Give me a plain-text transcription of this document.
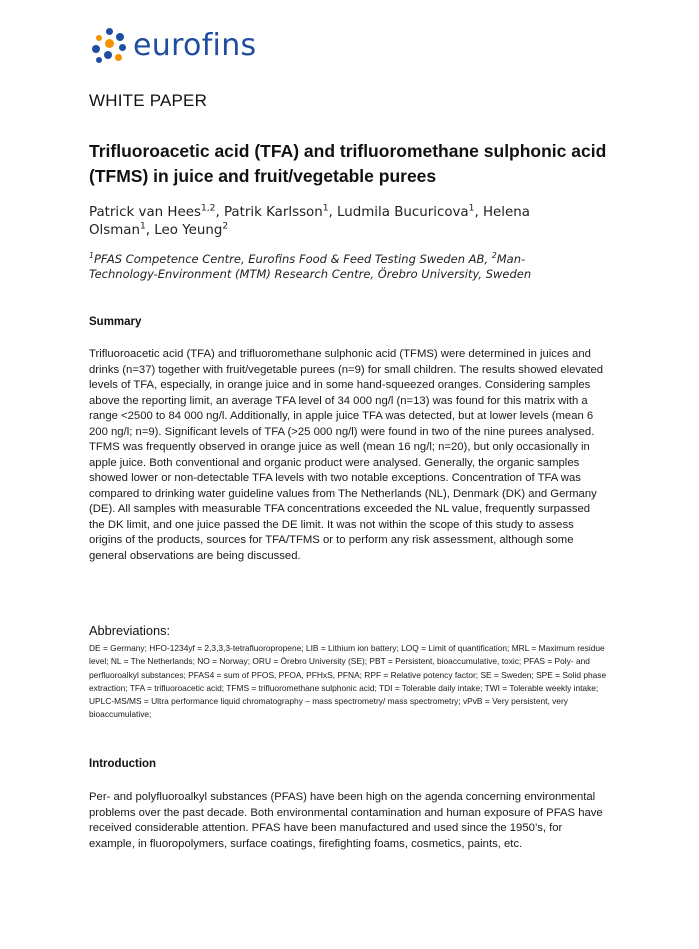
eurofins
WHITE PAPER
Trifluoroacetic acid (TFA) and trifluoromethane sulphonic acid (TFMS) in juice and fruit/vegetable purees
Patrick van Hees$^{1,2}$, Patrik Karlsson$^1$, Ludmila Bucuricova$^1$, Helena Olsman$^1$, Leo Yeung$^2$
$^1$PFAS Competence Centre, Eurofins Food & Feed Testing Sweden AB, $^2$Man-Technology-Environment (MTM) Research Centre, Örebro University, Sweden
Summary

Trifluoroacetic acid (TFA) and trifluoromethane sulphonic acid (TFMS) were determined in juices and drinks (n=37) together with fruit/vegetable purees (n=9) for small children. The results showed elevated levels of TFA, especially, in orange juice and in some hand-squeezed oranges. Considering samples above the reporting limit, an average TFA level of 34 000 ng/l (n=13) was found for this matrix with a range <2500 to 84 000 ng/l. Additionally, in apple juice TFA was detected, but at lower levels (mean 6 200 ng/l; n=9). Significant levels of TFA (>25 000 ng/l) were found in two of the nine purees analysed. TFMS was frequently observed in orange juice as well (mean 16 ng/l; n=20), but only occasionally in apple juice. Both conventional and organic product were analysed. Generally, the organic samples showed lower or non-detectable TFA levels with two notable exceptions. Concentration of TFA was compared to drinking water guideline values from The Netherlands (NL), Denmark (DK) and Germany (DE). All samples with measurable TFA concentrations exceeded the NL value, frequently surpassed the DK limit, and one juice passed the DE limit. It was not within the scope of this study to assess origins of the products, sources for TFA/TFMS or to perform any risk assessment, although some general observations are being discussed.

Abbreviations:

DE = Germany; HFO-1234yf = 2,3,3,3-tetrafluoropropene; LIB = Lithium ion battery; LOQ = Limit of quantification; MRL = Maximum residue level; NL = The Netherlands; NO = Norway; ORU = Örebro University (SE); PBT = Persistent, bioaccumulative, toxic; PFAS = Poly- and perfluoroalkyl substances; PFAS4 = sum of PFOS, PFOA, PFHxS, PFNA; RPF = Relative potency factor; SE = Sweden; SPE = Solid phase extraction; TFA = trifluoroacetic acid; TFMS = trifluoromethane sulphonic acid; TDI = Tolerable daily intake; TWI = Tolerable weekly intake; UPLC-MS/MS = Ultra performance liquid chromatography – mass spectrometry/ mass spectrometry; vPvB = Very persistent, very bioaccumulative;

Introduction

Per- and polyfluoroalkyl substances (PFAS) have been high on the agenda concerning environmental problems over the past decade. Both environmental contamination and human exposure of PFAS have received considerable attention. PFAS have been manufactured and used since the 1950’s, for example, in fluoropolymers, surface coatings, firefighting foams, cosmetics, paints, etc.
